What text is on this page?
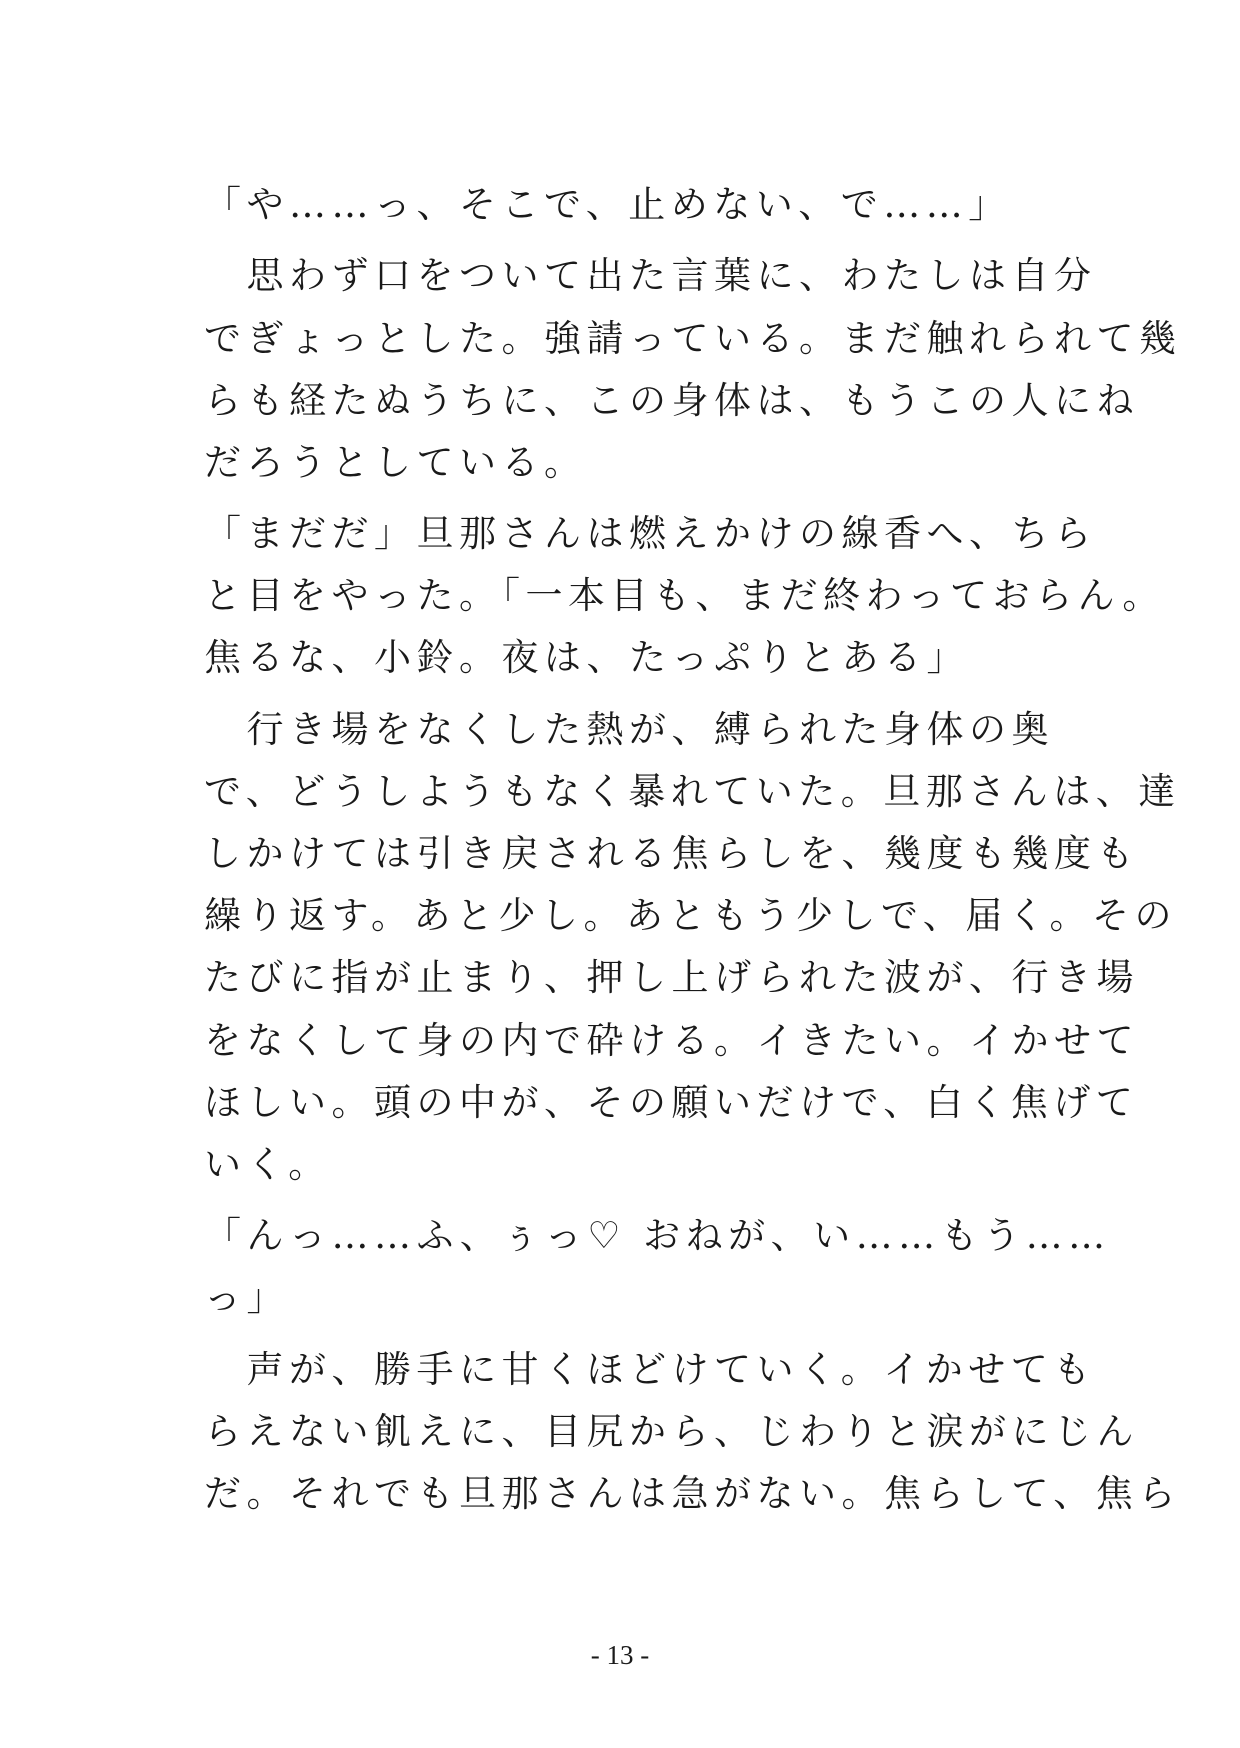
「や……っ、そこで、止めない、で……」
　思わず口をついて出た言葉に、わたしは自分
でぎょっとした。強請っている。まだ触れられて幾
らも経たぬうちに、この身体は、もうこの人にね
だろうとしている。
「まだだ」旦那さんは燃えかけの線香へ、ちら
と目をやった。「一本目も、まだ終わっておらん。
焦るな、小鈴。夜は、たっぷりとある」
　行き場をなくした熱が、縛られた身体の奥
で、どうしようもなく暴れていた。旦那さんは、達
しかけては引き戻される焦らしを、幾度も幾度も
繰り返す。あと少し。あともう少しで、届く。その
たびに指が止まり、押し上げられた波が、行き場
をなくして身の内で砕ける。イきたい。イかせて
ほしい。頭の中が、その願いだけで、白く焦げて
いく。
「んっ……ふ、ぅっ♡ おねが、い……もう……
っ」
　声が、勝手に甘くほどけていく。イかせても
らえない飢えに、目尻から、じわりと涙がにじん
だ。それでも旦那さんは急がない。焦らして、焦ら
- 13 -
